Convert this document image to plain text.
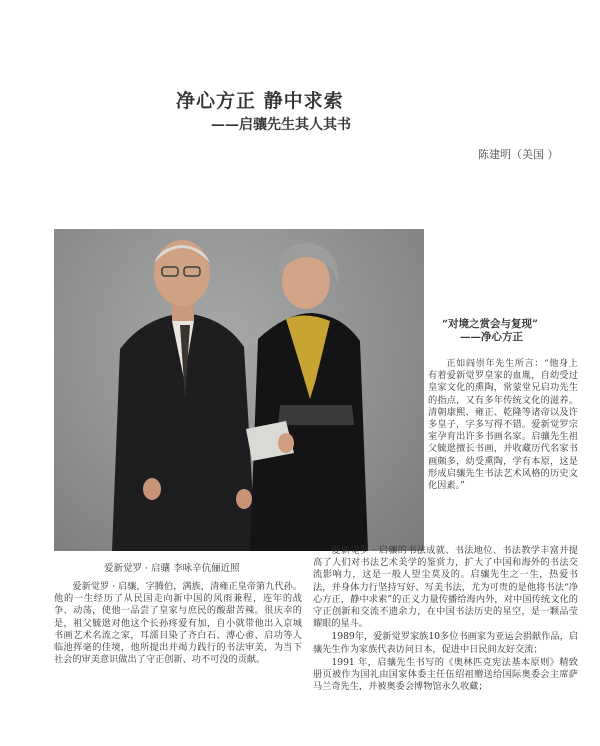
净心方正 静中求索
——启骧先生其人其书
陈建明（美国 ）
爱新觉罗 · 启骧 李咏辛伉俪近照
“对境之赏会与复现”
——净心方正

正如阎崇年先生所言：“他身上有着爱新觉罗皇家的血胤，自幼受过皇家文化的熏陶，常蒙堂兄启功先生的指点，又有多年传统文化的滋养。清朝康熙、雍正、乾隆等诸帝以及许多皇子，字多写得不错。爱新觉罗宗室孕育出许多书画名家。启骧先生祖父毓逖擅长书画，并收藏历代名家书画颇多，幼受熏陶，学有本原，这是形成启骧先生书法艺术风格的历史文化因素。”

爱新觉罗 · 启骧，字腾伯，满族，清雍正皇帝第九代孙。他的一生经历了从民国走向新中国的风雨兼程，连年的战争、动荡，使他一品尝了皇家与庶民的酸甜苦辣。很庆幸的是，祖父毓逖对他这个长孙疼爱有加，自小就带他出入京城书画艺术名流之家，耳濡目染了齐白石、溥心畬、启功等人临池挥毫的佳境，他所提出并竭力践行的书法审美，为当下社会的审美意识做出了守正创新、功不可没的贡献。

爱新觉罗 · 启骧的书法成就、书法地位、书法教学丰富并提高了人们对书法艺术美学的鉴赏力，扩大了中国和海外的书法交流影响力，这是一般人望尘莫及的。启骧先生之一生，热爱书法，并身体力行坚持写好、写美书法，尤为可贵的是他将书法“净心方正，静中求索”的正义力量传播给海内外，对中国传统文化的守正创新和交流不遗余力，在中国书法历史的星空，是一颗品莹耀眼的星斗。

1989年，爱新觉罗家族10多位书画家为亚运会捐献作品，启骧先生作为家族代表访问日本，促进中日民间友好交流；

1991 年，启骧先生书写的《奥林匹克宪法基本原则》精致册页被作为国礼由国家体委主任伍绍祖赠送给国际奥委会主席萨马兰奇先生，并被奥委会博物馆永久收藏；
